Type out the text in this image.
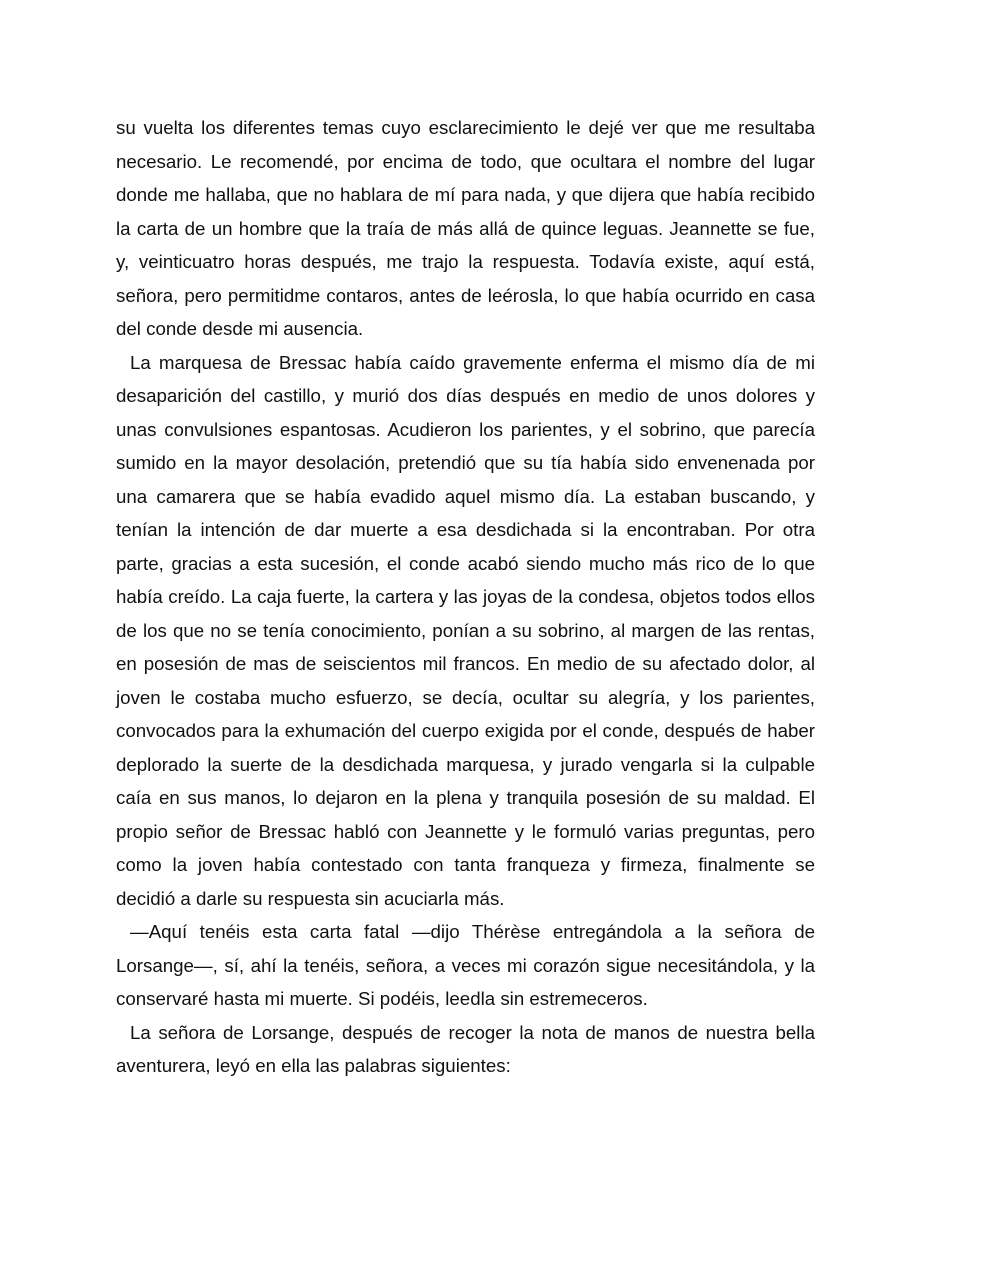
su vuelta los diferentes temas cuyo esclarecimiento le dejé ver que me resultaba necesario. Le recomendé, por encima de todo, que ocultara el nombre del lugar donde me hallaba, que no hablara de mí para nada, y que dijera que había recibido la carta de un hombre que la traía de más allá de quince leguas. Jeannette se fue, y, veinticuatro horas después, me trajo la respuesta. Todavía existe, aquí está, señora, pero permitidme contaros, antes de leérosla, lo que había ocurrido en casa del conde desde mi ausencia.

La marquesa de Bressac había caído gravemente enferma el mismo día de mi desaparición del castillo, y murió dos días después en medio de unos dolores y unas convulsiones espantosas. Acudieron los parientes, y el sobrino, que parecía sumido en la mayor desolación, pretendió que su tía había sido envenenada por una camarera que se había evadido aquel mismo día. La estaban buscando, y tenían la intención de dar muerte a esa desdichada si la encontraban. Por otra parte, gracias a esta sucesión, el conde acabó siendo mucho más rico de lo que había creído. La caja fuerte, la cartera y las joyas de la condesa, objetos todos ellos de los que no se tenía conocimiento, ponían a su sobrino, al margen de las rentas, en posesión de mas de seiscientos mil francos. En medio de su afectado dolor, al joven le costaba mucho esfuerzo, se decía, ocultar su alegría, y los parientes, convocados para la exhumación del cuerpo exigida por el conde, después de haber deplorado la suerte de la desdichada marquesa, y jurado vengarla si la culpable caía en sus manos, lo dejaron en la plena y tranquila posesión de su maldad. El propio señor de Bressac habló con Jeannette y le formuló varias preguntas, pero como la joven había contestado con tanta franqueza y firmeza, finalmente se decidió a darle su respuesta sin acuciarla más.

—Aquí tenéis esta carta fatal —dijo Thérèse entregándola a la señora de Lorsange—, sí, ahí la tenéis, señora, a veces mi corazón sigue necesitándola, y la conservaré hasta mi muerte. Si podéis, leedla sin estremeceros.

La señora de Lorsange, después de recoger la nota de manos de nuestra bella aventurera, leyó en ella las palabras siguientes:
